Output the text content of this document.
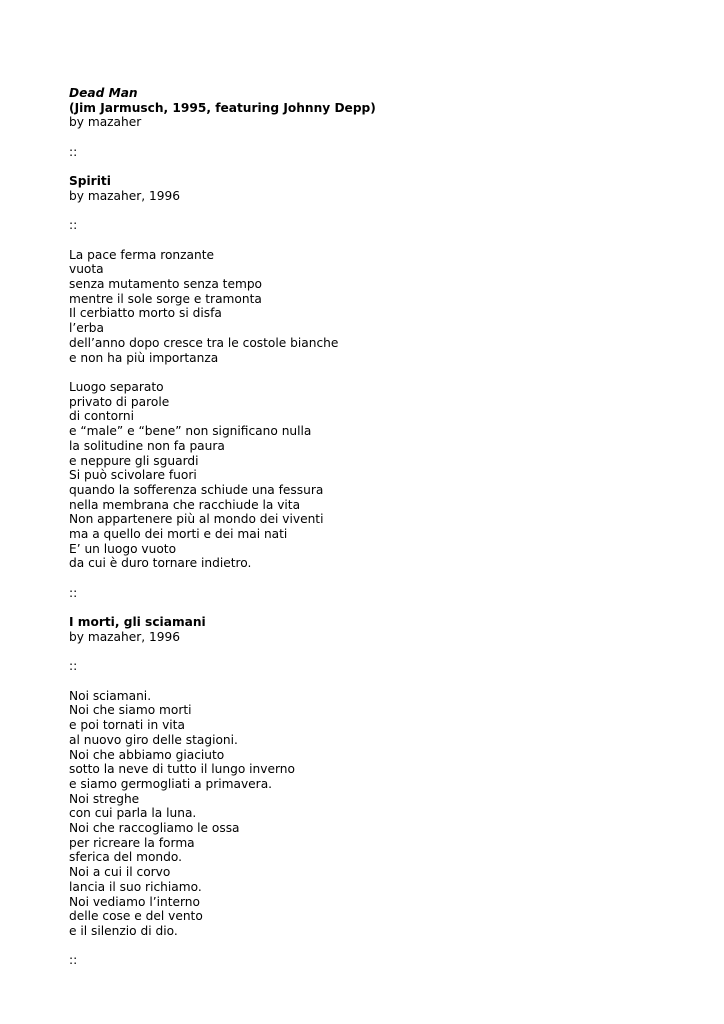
Dead Man
(Jim Jarmusch, 1995, featuring Johnny Depp)
by mazaher
::
Spiriti
by mazaher, 1996
::
La pace ferma ronzante
vuota
senza mutamento senza tempo
mentre il sole sorge e tramonta
Il cerbiatto morto si disfa
l’erba
dell’anno dopo cresce tra le costole bianche
e non ha più importanza
Luogo separato
privato di parole
di contorni
e “male” e “bene” non significano nulla
la solitudine non fa paura
e neppure gli sguardi
Si può scivolare fuori
quando la sofferenza schiude una fessura
nella membrana che racchiude la vita
Non appartenere più al mondo dei viventi
ma a quello dei morti e dei mai nati
E’ un luogo vuoto
da cui è duro tornare indietro.
::
I morti, gli sciamani
by mazaher, 1996
::
Noi sciamani.
Noi che siamo morti
e poi tornati in vita
al nuovo giro delle stagioni.
Noi che abbiamo giaciuto
sotto la neve di tutto il lungo inverno
e siamo germogliati a primavera.
Noi streghe
con cui parla la luna.
Noi che raccogliamo le ossa
per ricreare la forma
sferica del mondo.
Noi a cui il corvo
lancia il suo richiamo.
Noi vediamo l’interno
delle cose e del vento
e il silenzio di dio.
::
